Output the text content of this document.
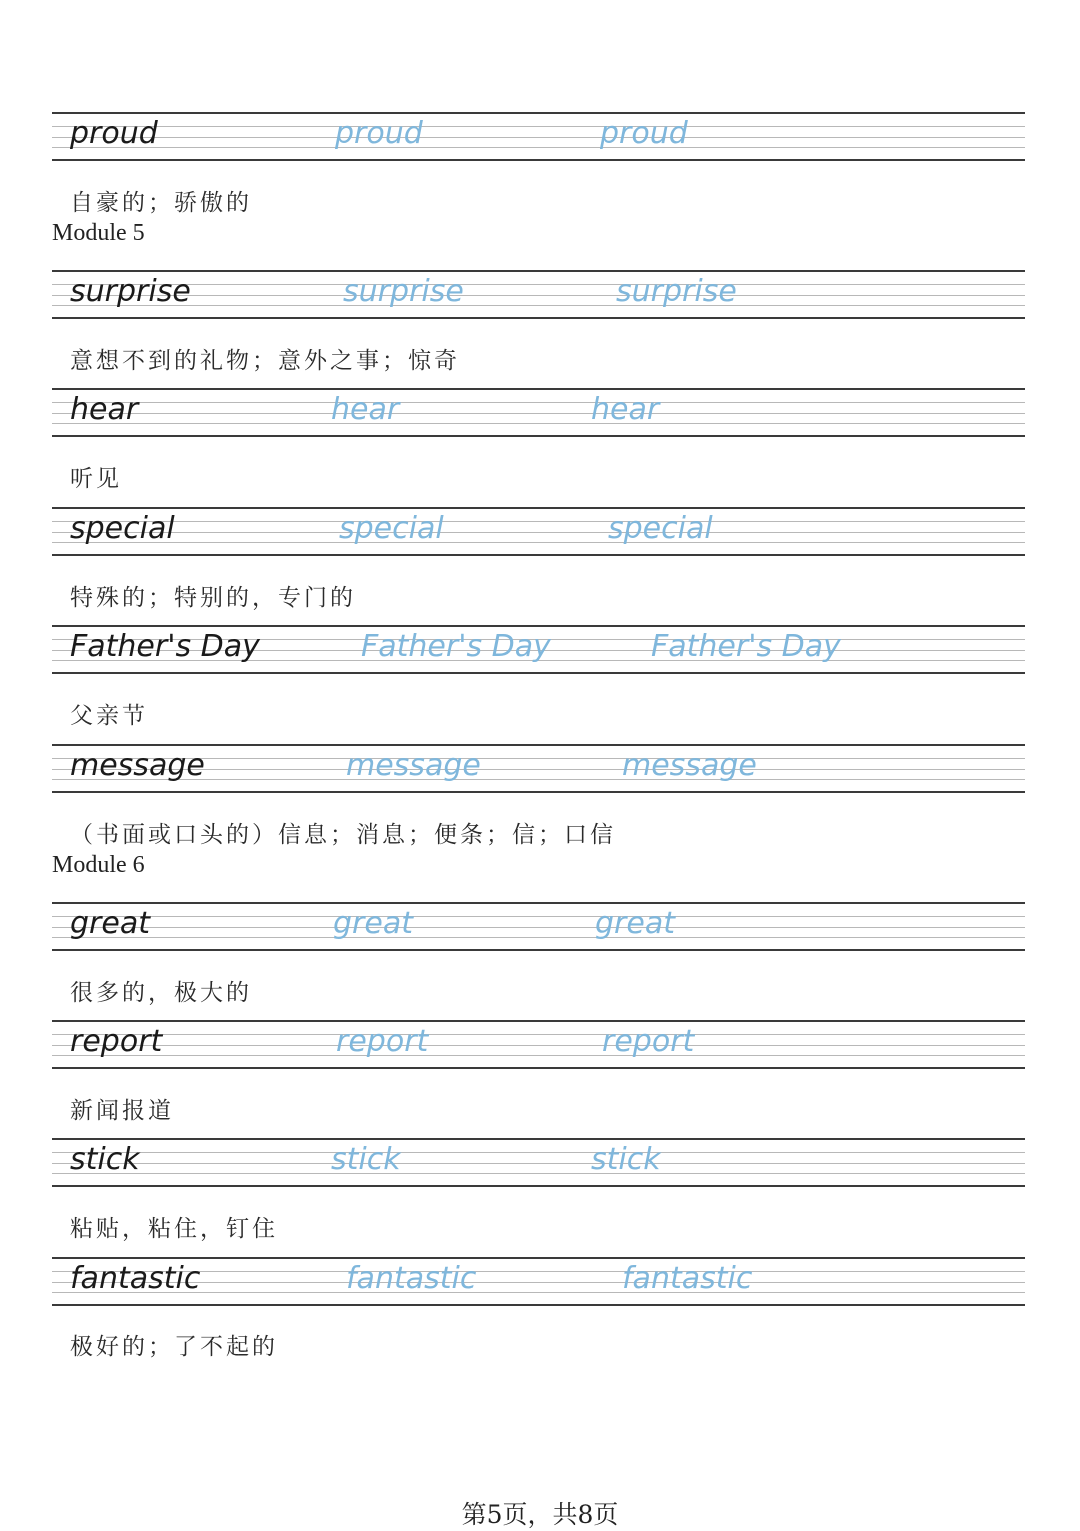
proud	proud	proud
自豪的；骄傲的
Module 5
surprise	surprise	surprise
意想不到的礼物；意外之事；惊奇
hear	hear	hear
听见
special	special	special
特殊的；特别的，专门的
Father's Day	Father's Day	Father's Day
父亲节
message	message	message
（书面或口头的）信息；消息；便条；信；口信
Module 6
great	great	great
很多的，极大的
report	report	report
新闻报道
stick	stick	stick
粘贴，粘住，钉住
fantastic	fantastic	fantastic
极好的；了不起的
第5页，共8页
